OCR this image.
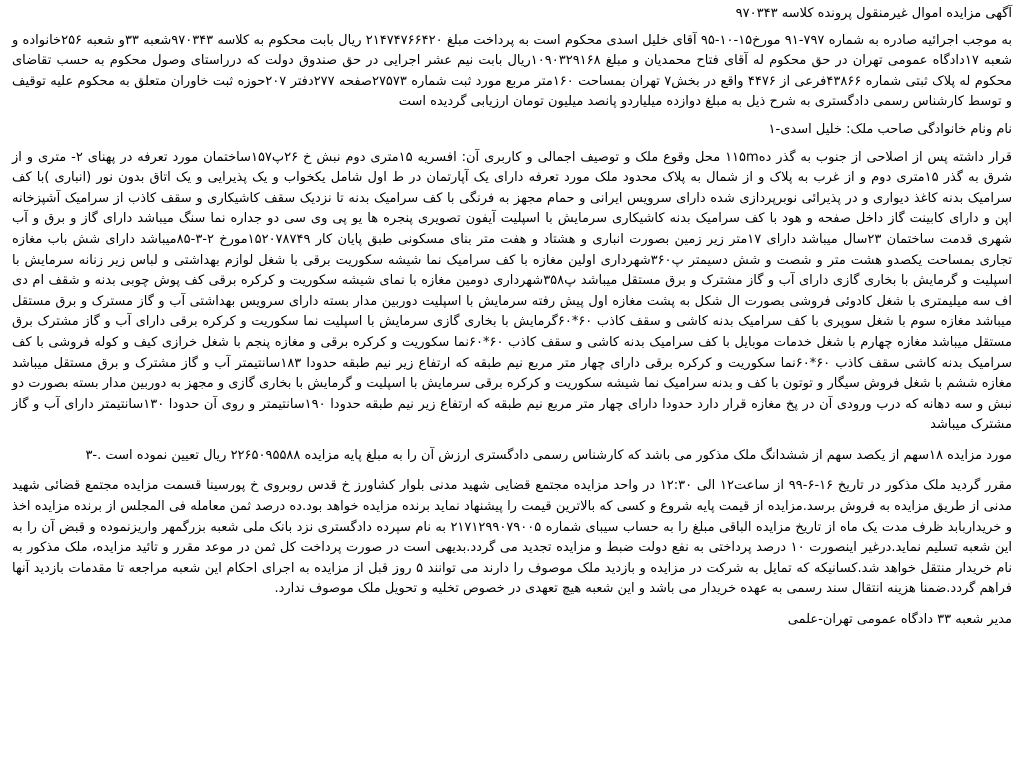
آگهی مزایده اموال غیرمنقول پرونده کلاسه ۹۷۰۳۴۳

به موجب اجرائیه صادره به شماره ۷۹۷-۹۱ مورخ۱۵-۱۰-۹۵ آقای خلیل اسدی محکوم است به پرداخت مبلغ ۲۱۴۷۴۷۶۶۴۲۰ ریال بابت محکوم به کلاسه ۹۷۰۳۴۳شعبه ۳۳و شعبه ۲۵۶خانواده و شعبه ۱۷دادگاه عمومی تهران در حق محکوم له آقای فتاح محمدیان و مبلغ ۱۰۹۰۳۲۹۱۶۸ریال بابت نیم عشر اجرایی در حق صندوق دولت که درراستای وصول محکوم به حسب تقاضای محکوم له پلاک ثبتی شماره ۴۳۸۶۶فرعی از ۴۴۷۶ واقع در بخش۷ تهران بمساحت ۱۶۰متر مربع مورد ثبت شماره ۲۷۵۷۳صفحه ۲۷۷دفتر ۲۰۷حوزه ثبت خاوران متعلق به محکوم علیه توقیف و توسط کارشناس رسمی دادگستری به شرح ذیل به مبلغ دوازده میلیاردو پانصد میلیون تومان ارزیابی گردیده است

نام ونام خانوادگی صاحب ملک: خلیل اسدی-۱

قرار داشته پس از اصلاحی از جنوب به گذر ده۱۱۵m محل وقوع ملک و توصیف اجمالی و کاربری آن: افسریه ۱۵متری دوم نبش خ ۲۶پ۱۵۷ساختمان مورد تعرفه در پهنای ۲- متری و از شرق به گذر ۱۵متری دوم و از غرب به پلاک و از شمال به پلاک محدود ملک مورد تعرفه دارای یک آپارتمان در ط اول شامل یکخواب و یک پذیرایی و یک اتاق بدون نور (انباری )با کف سرامیک بدنه کاغذ دیواری و در پذیرائی نوبرپردازی شده دارای سرویس ایرانی و حمام مجهز به فرنگی با کف سرامیک بدنه تا نزدیک سقف کاشیکاری و سقف کاذب از سرامیک آشپزخانه اپن و دارای کابینت گاز داخل صفحه و هود با کف سرامیک بدنه کاشیکاری سرمایش با اسپلیت آیفون تصویری پنجره ها یو پی وی سی دو جداره نما سنگ میباشد دارای گاز و برق و آب شهری قدمت ساختمان ۲۳سال میباشد دارای ۱۷متر زیر زمین بصورت انباری و هشتاد و هفت متر بنای مسکونی طبق پایان کار ۱۵۲۰۷۸۷۴۹مورخ ۲-۳-۸۵میباشد دارای شش باب مغازه تجاری بمساحت یکصدو هشت متر و شصت و شش دسیمتر پ۳۶۰شهرداری اولین مغازه با کف سرامیک نما شیشه سکوریت برقی با شغل لوازم بهداشتی و لباس زیر زنانه سرمایش با اسپلیت و گرمایش با بخاری گازی دارای آب و گاز مشترک و برق مستقل میباشد پ۳۵۸شهرداری دومین مغازه با نمای شیشه سکوریت و کرکره برقی کف پوش چوبی بدنه و شقف ام دی اف سه میلیمتری با شغل کادوئی فروشی بصورت ال شکل به پشت مغازه اول پیش رفته سرمایش با اسپلیت دوربین مدار بسته دارای سرویس بهداشتی آب و گاز مسترک و برق مستقل میباشد مغازه سوم با شغل سوپری با کف سرامیک بدنه کاشی و سقف کاذب ۶۰*۶۰گرمایش با بخاری گازی سرمایش با اسپلیت نما سکوریت و کرکره برقی دارای آب و گاز مشترک برق مستقل میباشد مغازه چهارم با شغل خدمات موبایل با کف سرامیک بدنه کاشی و سقف کاذب ۶۰*۶۰نما سکوریت و کرکره برقی و مغازه پنجم با شغل خرازی کیف و کوله فروشی با کف سرامیک بدنه کاشی سقف کاذب ۶۰*۶۰نما سکوریت و کرکره برقی دارای چهار متر مربع نیم طبقه که ارتفاع زیر نیم طبقه حدودا ۱۸۳سانتیمتر آب و گاز مشترک و برق مستقل میباشد مغازه ششم با شغل فروش سیگار و توتون با کف و بدنه سرامیک نما شیشه سکوریت و کرکره برقی سرمایش با اسپلیت و گرمایش با بخاری گازی و مجهز به دوربین مدار بسته بصورت دو نبش و سه دهانه که درب ورودی آن در پخ مغازه قرار دارد حدودا دارای چهار متر مربع نیم طبقه که ارتفاع زیر نیم طبقه حدودا ۱۹۰سانتیمتر و روی آن حدودا ۱۳۰سانتیمتر دارای آب و گاز مشترک میباشد

مورد مزایده ۱۸سهم از یکصد سهم از ششدانگ ملک مذکور می باشد که کارشناس رسمی دادگستری ارزش آن را به مبلغ پایه مزایده ۲۲۶۵۰۹۵۵۸۸ ریال تعیین نموده است .-۳

مقرر گردید ملک مذکور در تاریخ ۱۶-۶-۹۹ از ساعت۱۲ الی ۱۲:۳۰ در واحد مزایده مجتمع قضایی شهید مدنی بلوار کشاورز خ قدس روبروی خ پورسینا قسمت مزایده مجتمع قضائی شهید مدنی از طریق مزایده به فروش برسد.مزایده از قیمت پایه شروع و کسی که بالاترین قیمت را پیشنهاد نماید برنده مزایده خواهد بود.ده درصد ثمن معامله فی المجلس از برنده مزایده اخذ و خریداربابد ظرف مدت یک ماه از تاریخ مزایده الباقی مبلغ را به حساب سیبای شماره ۲۱۷۱۲۹۹۰۷۹۰۰۵ به نام سپرده دادگستری نزد بانک ملی شعبه بزرگمهر واریزنموده و قبض آن را به این شعبه تسلیم نماید.درغیر اینصورت ۱۰ درصد پرداختی به نفع دولت ضبط و مزایده تجدید می گردد.بدیهی است در صورت پرداخت کل ثمن در موعد مقرر و تائید مزایده، ملک مذکور به نام خریدار منتقل خواهد شد.کسانیکه که تمایل به شرکت در مزایده و بازدید ملک موصوف را دارند می توانند ۵ روز قبل از مزایده به اجرای احکام این شعبه مراجعه تا مقدمات بازدید آنها فراهم گردد.ضمنا هزینه انتقال سند رسمی به عهده خریدار می باشد و این شعبه هیچ تعهدی در خصوص تخلیه و تحویل ملک موصوف ندارد.

مدیر شعبه ۳۳ دادگاه عمومی تهران-علمی
